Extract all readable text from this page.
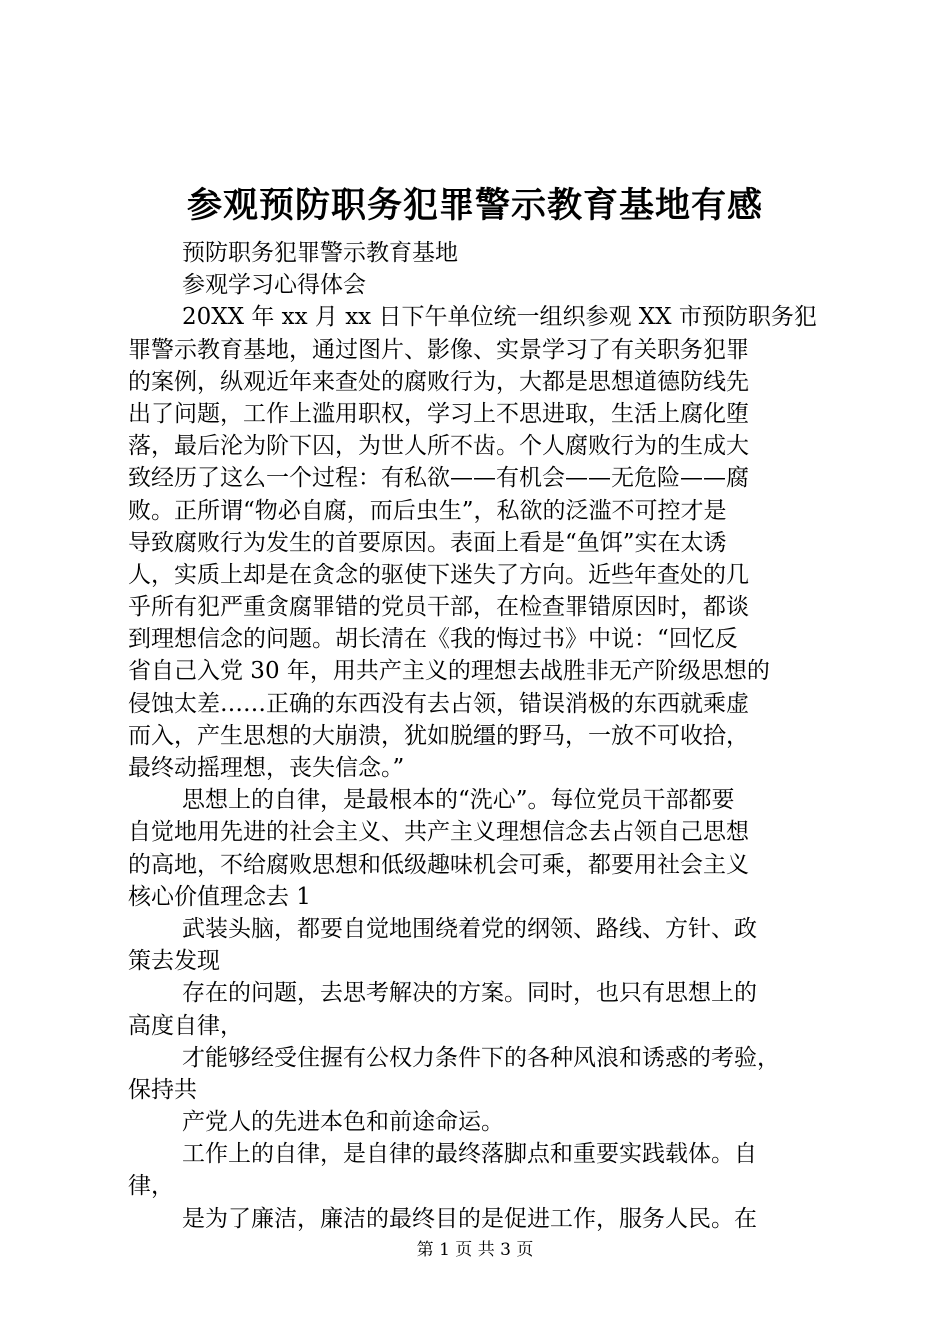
参观预防职务犯罪警示教育基地有感
预防职务犯罪警示教育基地
参观学习心得体会
20XX 年 xx 月 xx 日下午单位统一组织参观 XX 市预防职务犯
罪警示教育基地，通过图片、影像、实景学习了有关职务犯罪
的案例，纵观近年来查处的腐败行为，大都是思想道德防线先
出了问题，工作上滥用职权，学习上不思进取，生活上腐化堕
落，最后沦为阶下囚，为世人所不齿。个人腐败行为的生成大
致经历了这么一个过程：有私欲——有机会——无危险——腐
败。正所谓“物必自腐，而后虫生”，私欲的泛滥不可控才是
导致腐败行为发生的首要原因。表面上看是“鱼饵”实在太诱
人，实质上却是在贪念的驱使下迷失了方向。近些年查处的几
乎所有犯严重贪腐罪错的党员干部，在检查罪错原因时，都谈
到理想信念的问题。胡长清在《我的悔过书》中说：“回忆反
省自己入党 30 年，用共产主义的理想去战胜非无产阶级思想的
侵蚀太差……正确的东西没有去占领，错误消极的东西就乘虚
而入，产生思想的大崩溃，犹如脱缰的野马，一放不可收拾，
最终动摇理想，丧失信念。”
思想上的自律，是最根本的“洗心”。每位党员干部都要
自觉地用先进的社会主义、共产主义理想信念去占领自己思想
的高地，不给腐败思想和低级趣味机会可乘，都要用社会主义
核心价值理念去 1
武装头脑，都要自觉地围绕着党的纲领、路线、方针、政
策去发现
存在的问题，去思考解决的方案。同时，也只有思想上的
高度自律，
才能够经受住握有公权力条件下的各种风浪和诱惑的考验，
保持共
产党人的先进本色和前途命运。
工作上的自律，是自律的最终落脚点和重要实践载体。自
律，
是为了廉洁，廉洁的最终目的是促进工作，服务人民。在
第 1 页 共 3 页
